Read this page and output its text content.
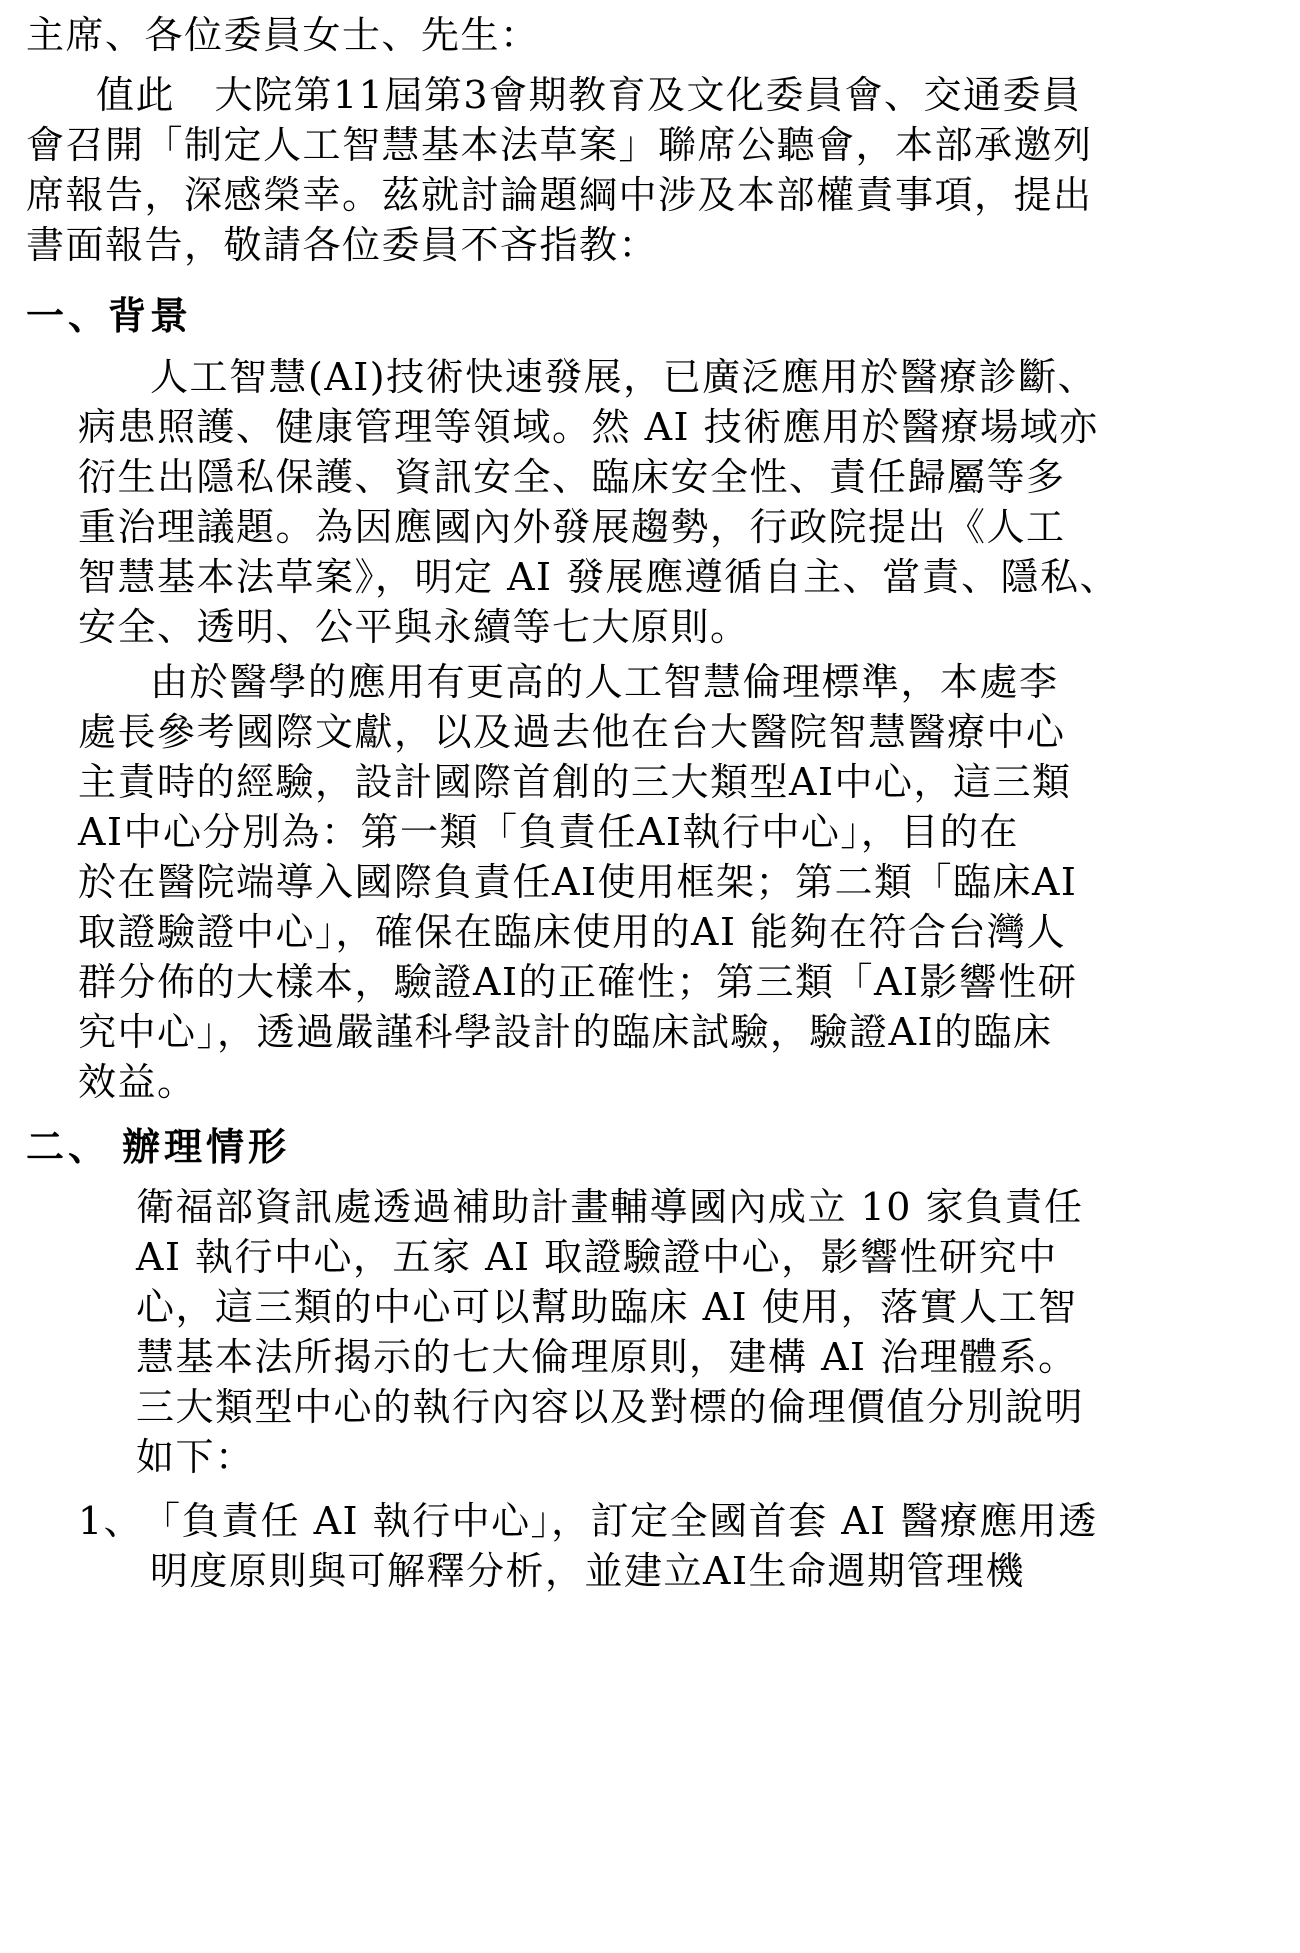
主席、各位委員女士、先生：
值此　大院第11屆第3會期教育及文化委員會、交通委員
會召開「制定人工智慧基本法草案」聯席公聽會，本部承邀列
席報告，深感榮幸。茲就討論題綱中涉及本部權責事項，提出
書面報告，敬請各位委員不吝指教：
一、
背景
人工智慧(AI)技術快速發展，已廣泛應用於醫療診斷、
病患照護、健康管理等領域。然 AI 技術應用於醫療場域亦
衍生出隱私保護、資訊安全、臨床安全性、責任歸屬等多
重治理議題。為因應國內外發展趨勢，行政院提出《人工
智慧基本法草案》，明定 AI 發展應遵循自主、當責、隱私、
安全、透明、公平與永續等七大原則。
由於醫學的應用有更高的人工智慧倫理標準，本處李
處長參考國際文獻，以及過去他在台大醫院智慧醫療中心
主責時的經驗，設計國際首創的三大類型AI中心，這三類
AI中心分別為：第一類「負責任AI執行中心」，目的在
於在醫院端導入國際負責任AI使用框架；第二類「臨床AI
取證驗證中心」，確保在臨床使用的AI 能夠在符合台灣人
群分佈的大樣本，驗證AI的正確性；第三類「AI影響性研
究中心」，透過嚴謹科學設計的臨床試驗，驗證AI的臨床
效益。
二、 辦理情形
衛福部資訊處透過補助計畫輔導國內成立 10 家負責任
AI 執行中心，五家 AI 取證驗證中心，影響性研究中
心，這三類的中心可以幫助臨床 AI 使用，落實人工智
慧基本法所揭示的七大倫理原則，建構 AI 治理體系。
三大類型中心的執行內容以及對標的倫理價值分別說明
如下：
1、
「負責任 AI 執行中心」，訂定全國首套 AI 醫療應用透
明度原則與可解釋分析，並建立AI生命週期管理機
